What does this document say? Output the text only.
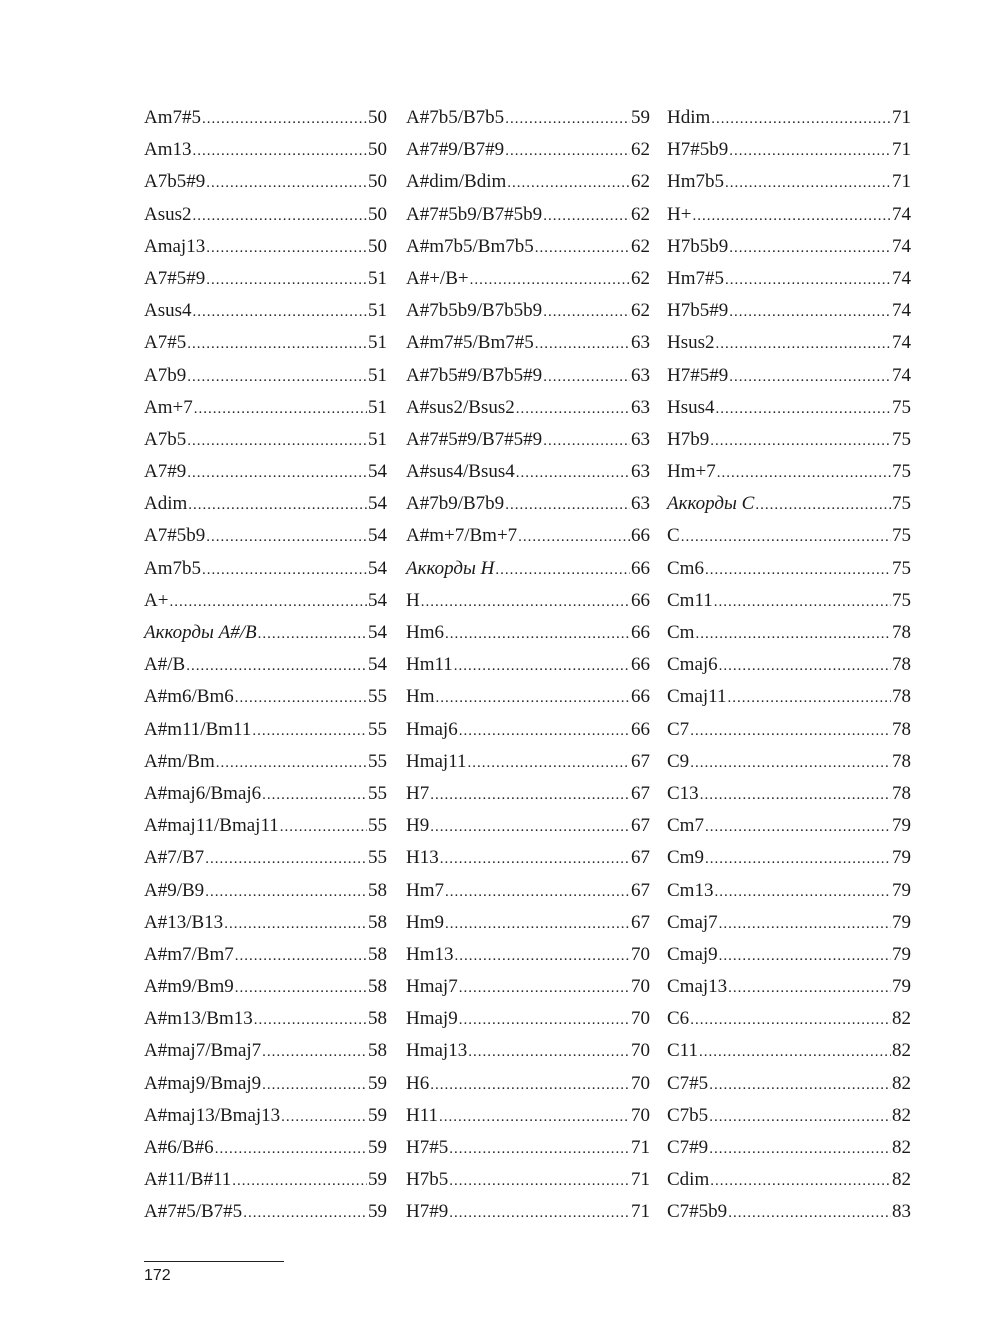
Am7#5 .....	50
Am13 .....	50
A7b5#9 .....	50
Asus2 .....	50
Amaj13 .....	50
A7#5#9 .....	51
Asus4 .....	51
A7#5 .....	51
A7b9 .....	51
Am+7 .....	51
A7b5 .....	51
A7#9 .....	54
Adim .....	54
A7#5b9 .....	54
Am7b5 .....	54
A+ .....	54
Аккорды A#/B .....	54
A#/B .....	54
A#m6/Bm6 .....	55
A#m11/Bm11 .....	55
A#m/Bm .....	55
A#maj6/Bmaj6 .....	55
A#maj11/Bmaj11 .....	55
A#7/B7 .....	55
A#9/B9 .....	58
A#13/B13 .....	58
A#m7/Bm7 .....	58
A#m9/Bm9 .....	58
A#m13/Bm13 .....	58
A#maj7/Bmaj7 .....	58
A#maj9/Bmaj9 .....	59
A#maj13/Bmaj13 .....	59
A#6/B#6 .....	59
A#11/B#11 .....	59
A#7#5/B7#5 .....	59
A#7b5/B7b5 .....	59
A#7#9/B7#9 .....	62
A#dim/Bdim .....	62
A#7#5b9/B7#5b9 .....	62
A#m7b5/Bm7b5 .....	62
A#+/B+ .....	62
A#7b5b9/B7b5b9 .....	62
A#m7#5/Bm7#5 .....	63
A#7b5#9/B7b5#9 .....	63
A#sus2/Bsus2 .....	63
A#7#5#9/B7#5#9 .....	63
A#sus4/Bsus4 .....	63
A#7b9/B7b9 .....	63
A#m+7/Bm+7 .....	66
Аккорды H .....	66
H .....	66
Hm6 .....	66
Hm11 .....	66
Hm .....	66
Hmaj6 .....	66
Hmaj11 .....	67
H7 .....	67
H9 .....	67
H13 .....	67
Hm7 .....	67
Hm9 .....	67
Hm13 .....	70
Hmaj7 .....	70
Hmaj9 .....	70
Hmaj13 .....	70
H6 .....	70
H11 .....	70
H7#5 .....	71
H7b5 .....	71
H7#9 .....	71
Hdim .....	71
H7#5b9 .....	71
Hm7b5 .....	71
H+ .....	74
H7b5b9 .....	74
Hm7#5 .....	74
H7b5#9 .....	74
Hsus2 .....	74
H7#5#9 .....	74
Hsus4 .....	75
H7b9 .....	75
Hm+7 .....	75
Аккорды C .....	75
C .....	75
Cm6 .....	75
Cm11 .....	75
Cm .....	78
Cmaj6 .....	78
Cmaj11 .....	78
C7 .....	78
C9 .....	78
C13 .....	78
Cm7 .....	79
Cm9 .....	79
Cm13 .....	79
Cmaj7 .....	79
Cmaj9 .....	79
Cmaj13 .....	79
C6 .....	82
C11 .....	82
C7#5 .....	82
C7b5 .....	82
C7#9 .....	82
Cdim .....	82
C7#5b9 .....	83
172
